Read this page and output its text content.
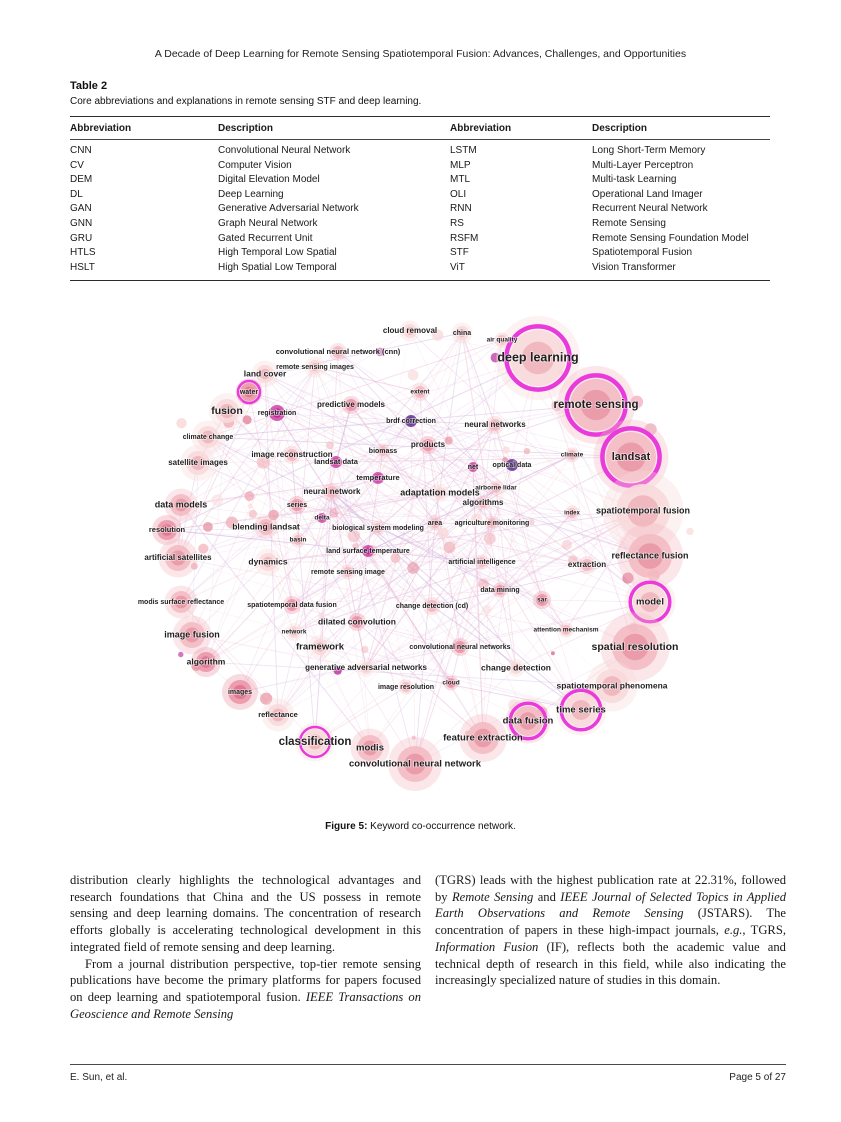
A Decade of Deep Learning for Remote Sensing Spatiotemporal Fusion: Advances, Challenges, and Opportunities
Table 2
Core abbreviations and explanations in remote sensing STF and deep learning.
Abbreviation	Description	Abbreviation	Description
CNN	Convolutional Neural Network	LSTM	Long Short-Term Memory
CV	Computer Vision	MLP	Multi-Layer Perceptron
DEM	Digital Elevation Model	MTL	Multi-task Learning
DL	Deep Learning	OLI	Operational Land Imager
GAN	Generative Adversarial Network	RNN	Recurrent Neural Network
GNN	Graph Neural Network	RS	Remote Sensing
GRU	Gated Recurrent Unit	RSFM	Remote Sensing Foundation Model
HTLS	High Temporal Low Spatial	STF	Spatiotemporal Fusion
HSLT	High Spatial Low Temporal	ViT	Vision Transformer
cloud removal china
air quality
convolutional neural network (cnn)
remote sensing images
deep learning
land cover
water
remote sensing
fusion registration
predictive models
extent
brdf correction	neural networks
landsat
climate change
satellite images
image reconstruction	biomass
products
landsat data
net optical data
climate
temperature
airborne lidar
neural network	adaptation models
algorithms
spatiotemporal fusion
index
data models	series
delta
biological system modeling
area agriculture monitoring
blending landsat
resolution
basin
land surface temperature
artificial satellites	dynamics
remote sensing image
artificial intelligence	extraction
reflectance fusion
modis surface reflectance	spatiotemporal data fusion
data mining
sar	model
change detection (cd)
image fusion
dilated convolution
network	attention mechanism
framework	convolutional neural networks	spatial resolution
algorithm
generative adversarial networks	change detection
image resolution
cloud	spatiotemporal phenomena
images
time series
reflectance
data fusion
classification	feature extraction
modis
convolutional neural network
Figure 5: Keyword co-occurrence network.

distribution clearly highlights the technological advantages and research foundations that China and the US possess in remote sensing and deep learning domains. The concentration of research efforts globally is accelerating technological development in this integrated field of remote sensing and deep learning.

From a journal distribution perspective, top-tier remote sensing publications have become the primary platforms for papers focused on deep learning and spatiotemporal fusion. IEEE Transactions on Geoscience and Remote Sensing

(TGRS) leads with the highest publication rate at 22.31%, followed by Remote Sensing and IEEE Journal of Selected Topics in Applied Earth Observations and Remote Sensing (JSTARS). The concentration of papers in these high-impact journals, e.g., TGRS, Information Fusion (IF), reflects both the academic value and technical depth of research in this field, while also indicating the increasingly specialized nature of studies in this domain.

E. Sun, et al.	Page 5 of 27
